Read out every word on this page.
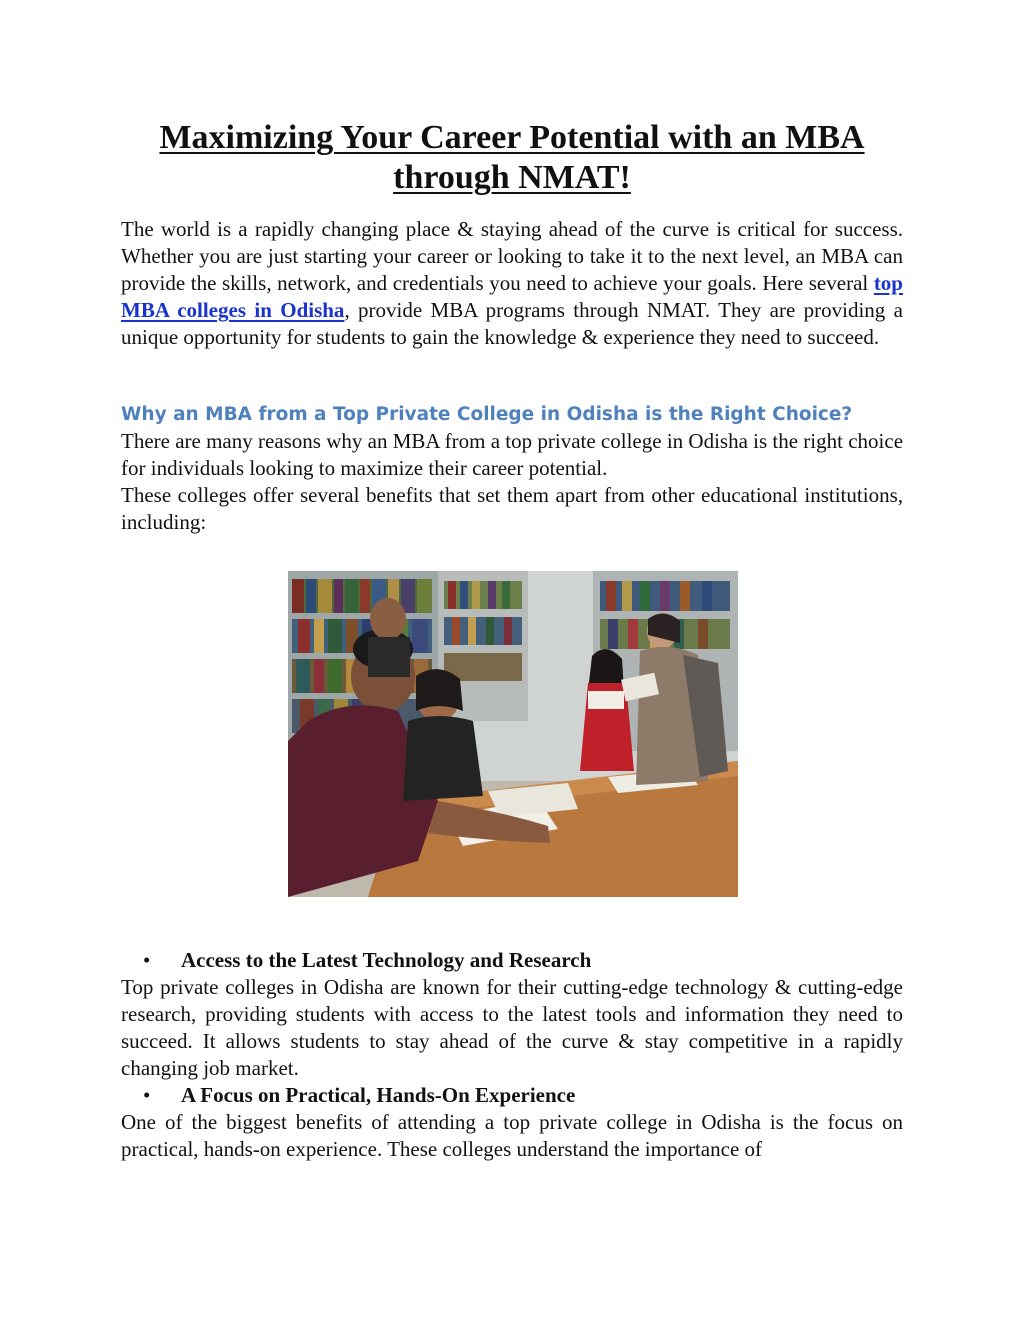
Maximizing Your Career Potential with an MBA
through NMAT!

The world is a rapidly changing place & staying ahead of the curve is critical for success. Whether you are just starting your career or looking to take it to the next level, an MBA can provide the skills, network, and credentials you need to achieve your goals. Here several top MBA colleges in Odisha, provide MBA programs through NMAT. They are providing a unique opportunity for students to gain the knowledge & experience they need to succeed.

Why an MBA from a Top Private College in Odisha is the Right Choice?

There are many reasons why an MBA from a top private college in Odisha is the right choice for individuals looking to maximize their career potential.

These colleges offer several benefits that set them apart from other educational institutions, including:

•	Access to the Latest Technology and Research

Top private colleges in Odisha are known for their cutting-edge technology & cutting-edge research, providing students with access to the latest tools and information they need to succeed. It allows students to stay ahead of the curve & stay competitive in a rapidly changing job market.

•	A Focus on Practical, Hands-On Experience

One of the biggest benefits of attending a top private college in Odisha is the focus on practical, hands-on experience. These colleges understand the importance of
